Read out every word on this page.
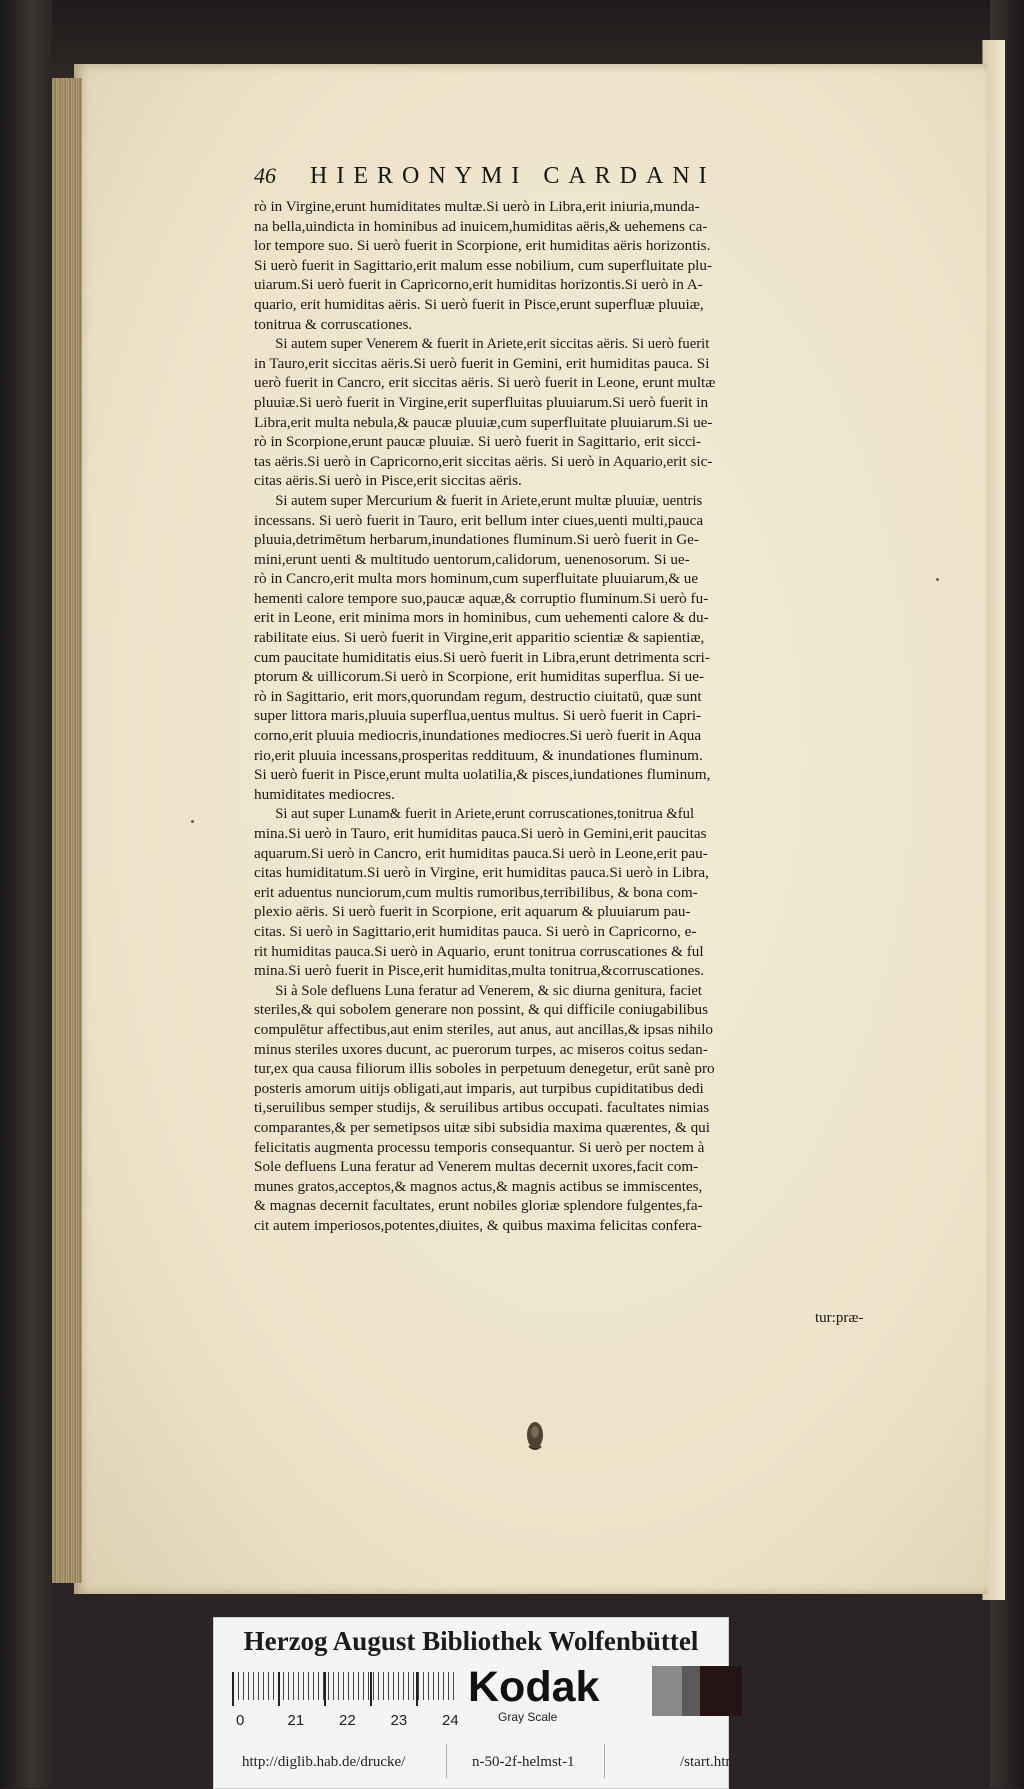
46	HIERONYMI CARDANI
rò in Virgine,erunt humiditates multæ.Si uerò in Libra,erit iniuria,munda-
na bella,uindicta in hominibus ad inuicem,humiditas aëris,& uehemens ca-
lor tempore suo. Si uerò fuerit in Scorpione, erit humiditas aëris horizontis.
Si uerò fuerit in Sagittario,erit malum esse nobilium, cum superfluitate plu-
uiarum.Si uerò fuerit in Capricorno,erit humiditas horizontis.Si uerò in A-
quario, erit humiditas aëris. Si uerò fuerit in Pisce,erunt superfluæ pluuiæ,
tonitrua & corruscationes.
Si autem super Venerem & fuerit in Ariete,erit siccitas aëris. Si uerò fuerit
in Tauro,erit siccitas aëris.Si uerò fuerit in Gemini, erit humiditas pauca. Si
uerò fuerit in Cancro, erit siccitas aëris. Si uerò fuerit in Leone, erunt multæ
pluuiæ.Si uerò fuerit in Virgine,erit superfluitas pluuiarum.Si uerò fuerit in
Libra,erit multa nebula,& paucæ pluuiæ,cum superfluitate pluuiarum.Si ue-
rò in Scorpione,erunt paucæ pluuiæ. Si uerò fuerit in Sagittario, erit sicci-
tas aëris.Si uerò in Capricorno,erit siccitas aëris. Si uerò in Aquario,erit sic-
citas aëris.Si uerò in Pisce,erit siccitas aëris.
Si autem super Mercurium & fuerit in Ariete,erunt multæ pluuiæ, uentris
incessans. Si uerò fuerit in Tauro, erit bellum inter ciues,uenti multi,pauca
pluuia,detrimētum herbarum,inundationes fluminum.Si uerò fuerit in Ge-
mini,erunt uenti & multitudo uentorum,calidorum, uenenosorum. Si ue-
rò in Cancro,erit multa mors hominum,cum superfluitate pluuiarum,& ue
hementi calore tempore suo,paucæ aquæ,& corruptio fluminum.Si uerò fu-
erit in Leone, erit minima mors in hominibus, cum uehementi calore & du-
rabilitate eius. Si uerò fuerit in Virgine,erit apparitio scientiæ & sapientiæ,
cum paucitate humiditatis eius.Si uerò fuerit in Libra,erunt detrimenta scri-
ptorum & uillicorum.Si uerò in Scorpione, erit humiditas superflua. Si ue-
rò in Sagittario, erit mors,quorundam regum, destructio ciuitatū, quæ sunt
super littora maris,pluuia superflua,uentus multus. Si uerò fuerit in Capri-
corno,erit pluuia mediocris,inundationes mediocres.Si uerò fuerit in Aqua
rio,erit pluuia incessans,prosperitas reddituum, & inundationes fluminum.
Si uerò fuerit in Pisce,erunt multa uolatilia,& pisces,iundationes fluminum,
humiditates mediocres.
Si aut super Lunam& fuerit in Ariete,erunt corruscationes,tonitrua &ful
mina.Si uerò in Tauro, erit humiditas pauca.Si uerò in Gemini,erit paucitas
aquarum.Si uerò in Cancro, erit humiditas pauca.Si uerò in Leone,erit pau-
citas humiditatum.Si uerò in Virgine, erit humiditas pauca.Si uerò in Libra,
erit aduentus nunciorum,cum multis rumoribus,terribilibus, & bona com-
plexio aëris. Si uerò fuerit in Scorpione, erit aquarum & pluuiarum pau-
citas. Si uerò in Sagittario,erit humiditas pauca. Si uerò in Capricorno, e-
rit humiditas pauca.Si uerò in Aquario, erunt tonitrua corruscationes & ful
mina.Si uerò fuerit in Pisce,erit humiditas,multa tonitrua,&corruscationes.
Si à Sole defluens Luna feratur ad Venerem, & sic diurna genitura, faciet
steriles,& qui sobolem generare non possint, & qui difficile coniugabilibus
compulētur affectibus,aut enim steriles, aut anus, aut ancillas,& ipsas nihilo
minus steriles uxores ducunt, ac puerorum turpes, ac miseros coitus sedan-
tur,ex qua causa filiorum illis soboles in perpetuum denegetur, erūt sanè pro
posteris amorum uitijs obligati,aut imparis, aut turpibus cupiditatibus dedi
ti,seruilibus semper studijs, & seruilibus artibus occupati. facultates nimias
comparantes,& per semetipsos uitæ sibi subsidia maxima quærentes, & qui
felicitatis augmenta processu temporis consequantur. Si uerò per noctem à
Sole defluens Luna feratur ad Venerem multas decernit uxores,facit com-
munes gratos,acceptos,& magnos actus,& magnis actibus se immiscentes,
& magnas decernit facultates, erunt nobiles gloriæ splendore fulgentes,fa-
cit autem imperiosos,potentes,diuites, & quibus maxima felicitas confera-
tur:præ-
Herzog August Bibliothek Wolfenbüttel
0	21	22	23	24
Kodak
Gray Scale
http://diglib.hab.de/drucke/	n-50-2f-helmst-1	/start.htm
